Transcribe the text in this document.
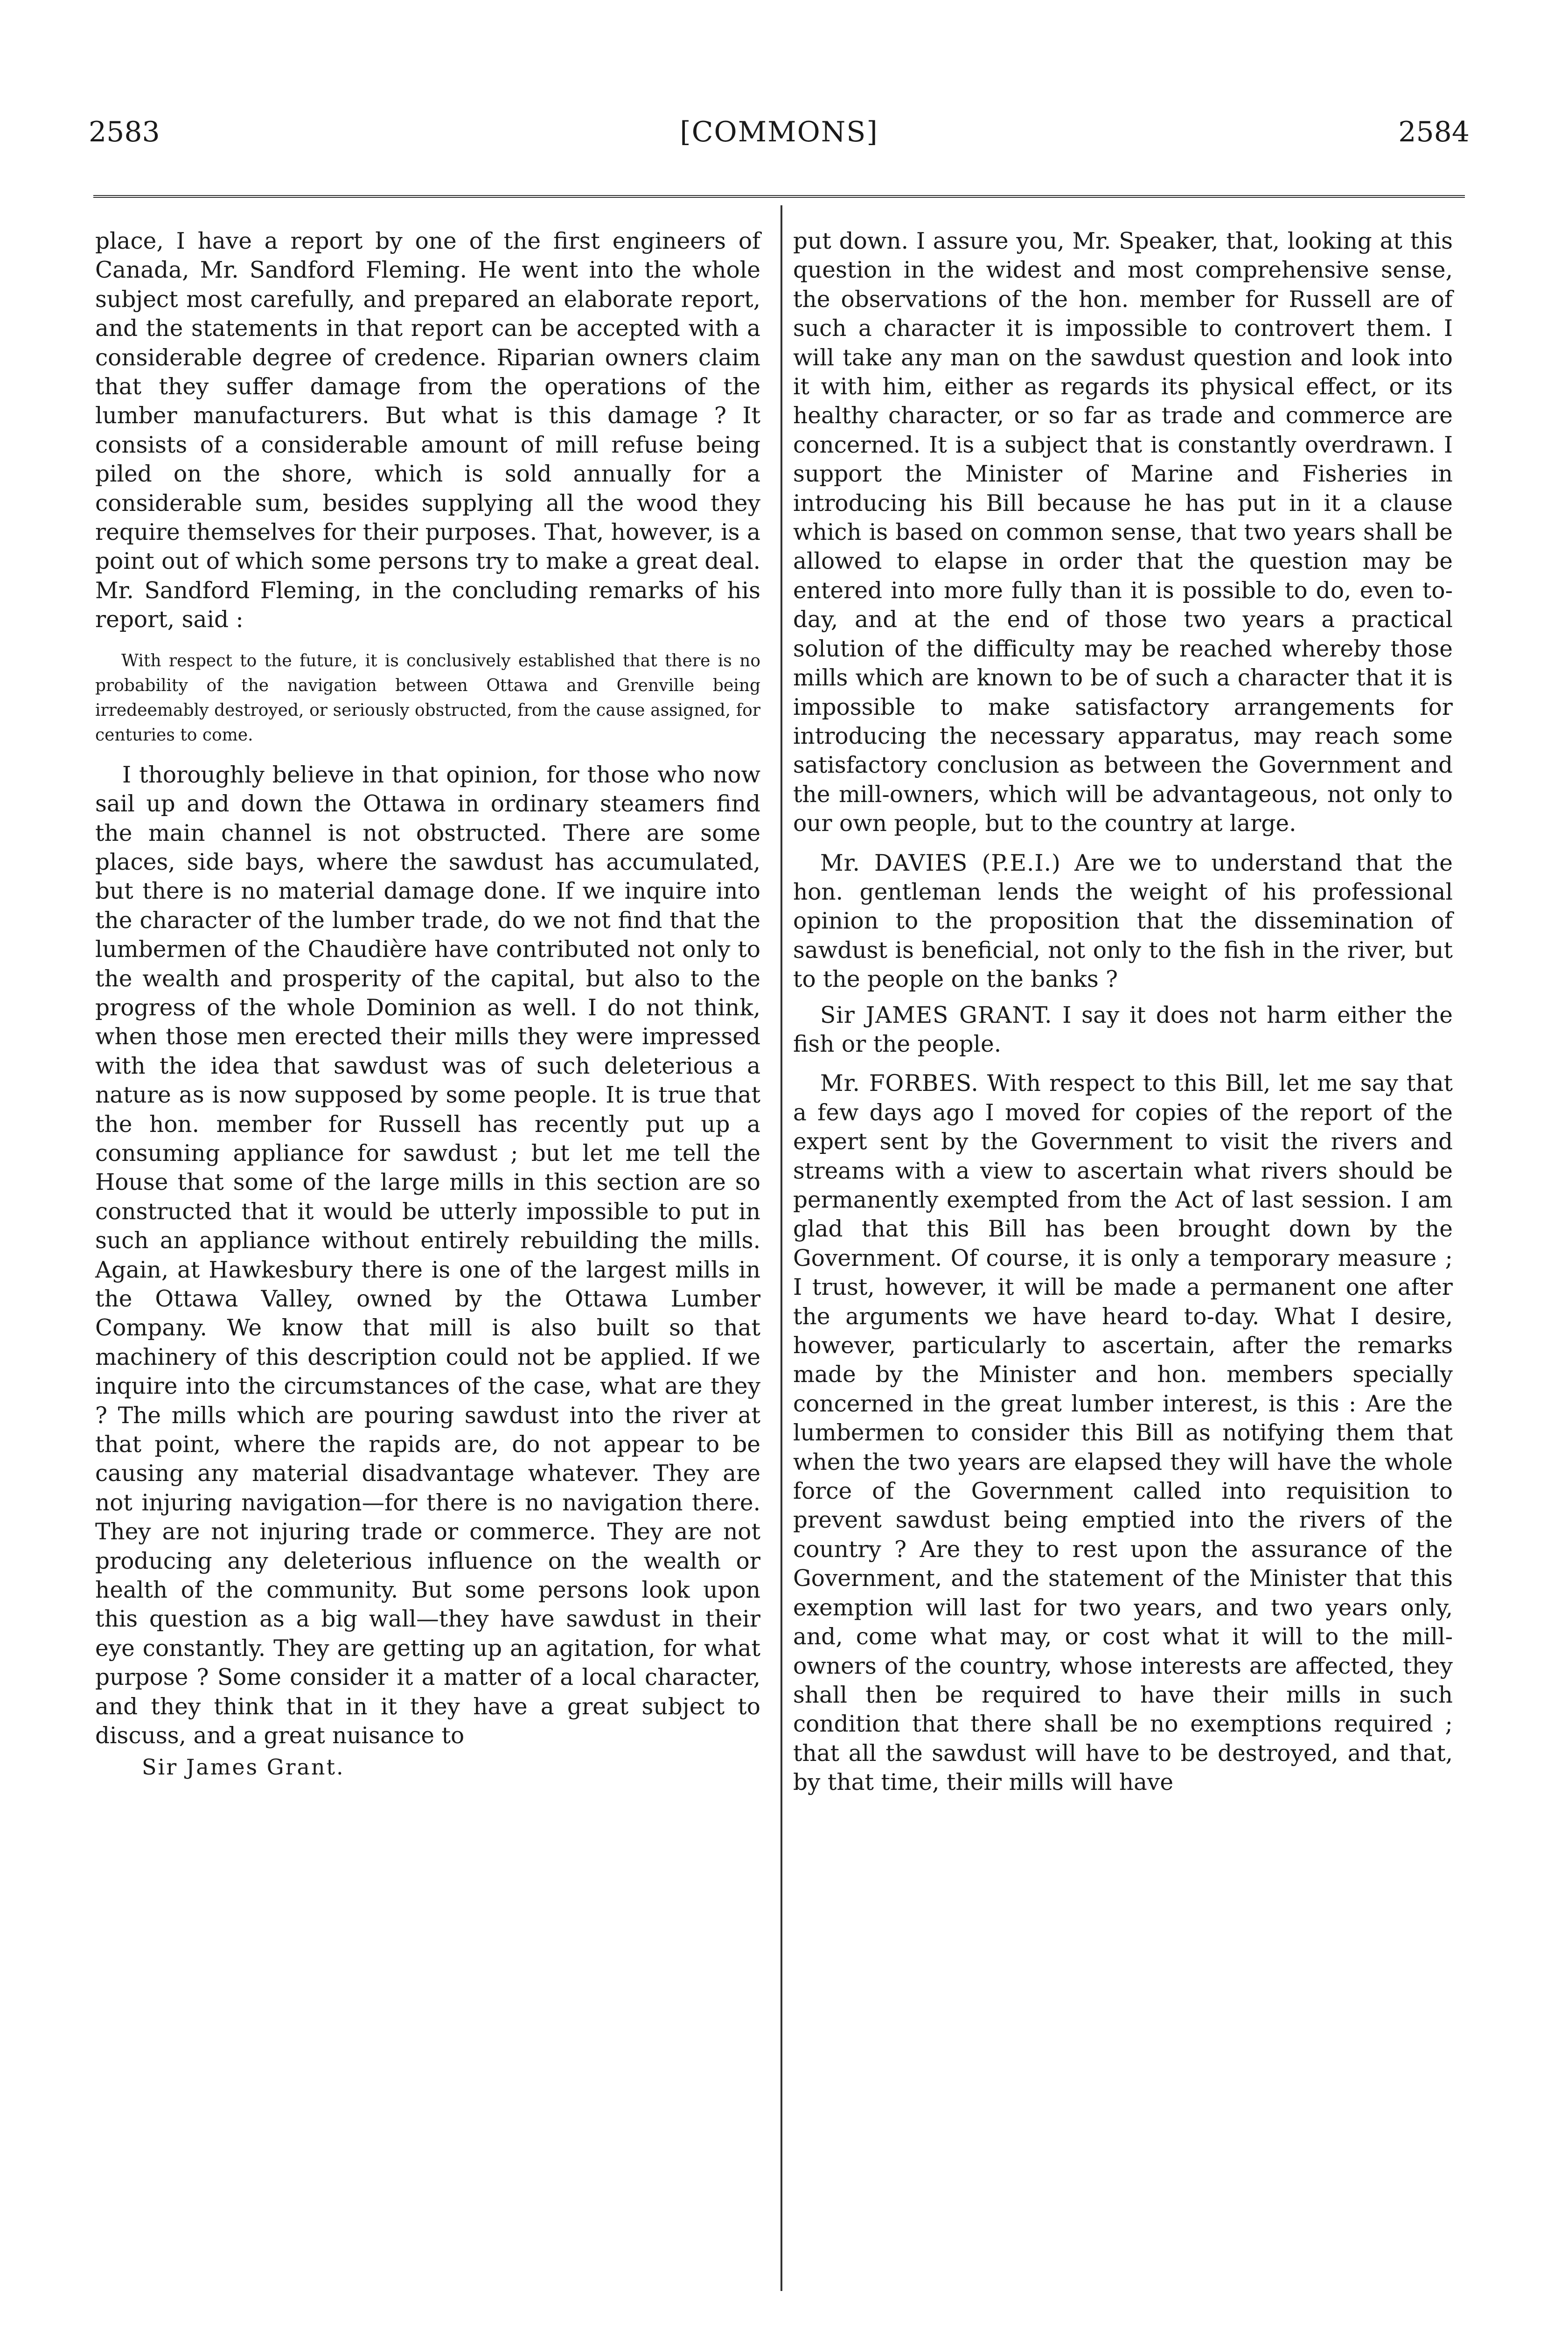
2583	[COMMONS]	2584

place, I have a report by one of the first engineers of Canada, Mr. Sandford Fleming. He went into the whole subject most carefully, and prepared an elaborate report, and the statements in that report can be accepted with a considerable degree of credence. Riparian owners claim that they suffer damage from the operations of the lumber manufacturers. But what is this damage ? It consists of a considerable amount of mill refuse being piled on the shore, which is sold annually for a considerable sum, besides supplying all the wood they require themselves for their purposes. That, however, is a point out of which some persons try to make a great deal. Mr. Sandford Fleming, in the concluding remarks of his report, said :

With respect to the future, it is conclusively established that there is no probability of the navigation between Ottawa and Grenville being irredeemably destroyed, or seriously obstructed, from the cause assigned, for centuries to come.

I thoroughly believe in that opinion, for those who now sail up and down the Ottawa in ordinary steamers find the main channel is not obstructed. There are some places, side bays, where the sawdust has accumulated, but there is no material damage done. If we inquire into the character of the lumber trade, do we not find that the lumbermen of the Chaudière have contributed not only to the wealth and prosperity of the capital, but also to the progress of the whole Dominion as well. I do not think, when those men erected their mills they were impressed with the idea that sawdust was of such deleterious a nature as is now supposed by some people. It is true that the hon. member for Russell has recently put up a consuming appliance for sawdust ; but let me tell the House that some of the large mills in this section are so constructed that it would be utterly impossible to put in such an appliance without entirely rebuilding the mills. Again, at Hawkesbury there is one of the largest mills in the Ottawa Valley, owned by the Ottawa Lumber Company. We know that mill is also built so that machinery of this description could not be applied. If we inquire into the circumstances of the case, what are they ? The mills which are pouring sawdust into the river at that point, where the rapids are, do not appear to be causing any material disadvantage whatever. They are not injuring navigation—for there is no navigation there. They are not injuring trade or commerce. They are not producing any deleterious influence on the wealth or health of the community. But some persons look upon this question as a big wall—they have sawdust in their eye constantly. They are getting up an agitation, for what purpose ? Some consider it a matter of a local character, and they think that in it they have a great subject to discuss, and a great nuisance to

Sir James Grant.

put down. I assure you, Mr. Speaker, that, looking at this question in the widest and most comprehensive sense, the observations of the hon. member for Russell are of such a character it is impossible to controvert them. I will take any man on the sawdust question and look into it with him, either as regards its physical effect, or its healthy character, or so far as trade and commerce are concerned. It is a subject that is constantly overdrawn. I support the Minister of Marine and Fisheries in introducing his Bill because he has put in it a clause which is based on common sense, that two years shall be allowed to elapse in order that the question may be entered into more fully than it is possible to do, even to-day, and at the end of those two years a practical solution of the difficulty may be reached whereby those mills which are known to be of such a character that it is impossible to make satisfactory arrangements for introducing the necessary apparatus, may reach some satisfactory conclusion as between the Government and the mill-owners, which will be advantageous, not only to our own people, but to the country at large.

Mr. DAVIES (P.E.I.) Are we to understand that the hon. gentleman lends the weight of his professional opinion to the proposition that the dissemination of sawdust is beneficial, not only to the fish in the river, but to the people on the banks ?

Sir JAMES GRANT. I say it does not harm either the fish or the people.

Mr. FORBES. With respect to this Bill, let me say that a few days ago I moved for copies of the report of the expert sent by the Government to visit the rivers and streams with a view to ascertain what rivers should be permanently exempted from the Act of last session. I am glad that this Bill has been brought down by the Government. Of course, it is only a temporary measure ; I trust, however, it will be made a permanent one after the arguments we have heard to-day. What I desire, however, particularly to ascertain, after the remarks made by the Minister and hon. members specially concerned in the great lumber interest, is this : Are the lumbermen to consider this Bill as notifying them that when the two years are elapsed they will have the whole force of the Government called into requisition to prevent sawdust being emptied into the rivers of the country ? Are they to rest upon the assurance of the Government, and the statement of the Minister that this exemption will last for two years, and two years only, and, come what may, or cost what it will to the mill-owners of the country, whose interests are affected, they shall then be required to have their mills in such condition that there shall be no exemptions required ; that all the sawdust will have to be destroyed, and that, by that time, their mills will have
